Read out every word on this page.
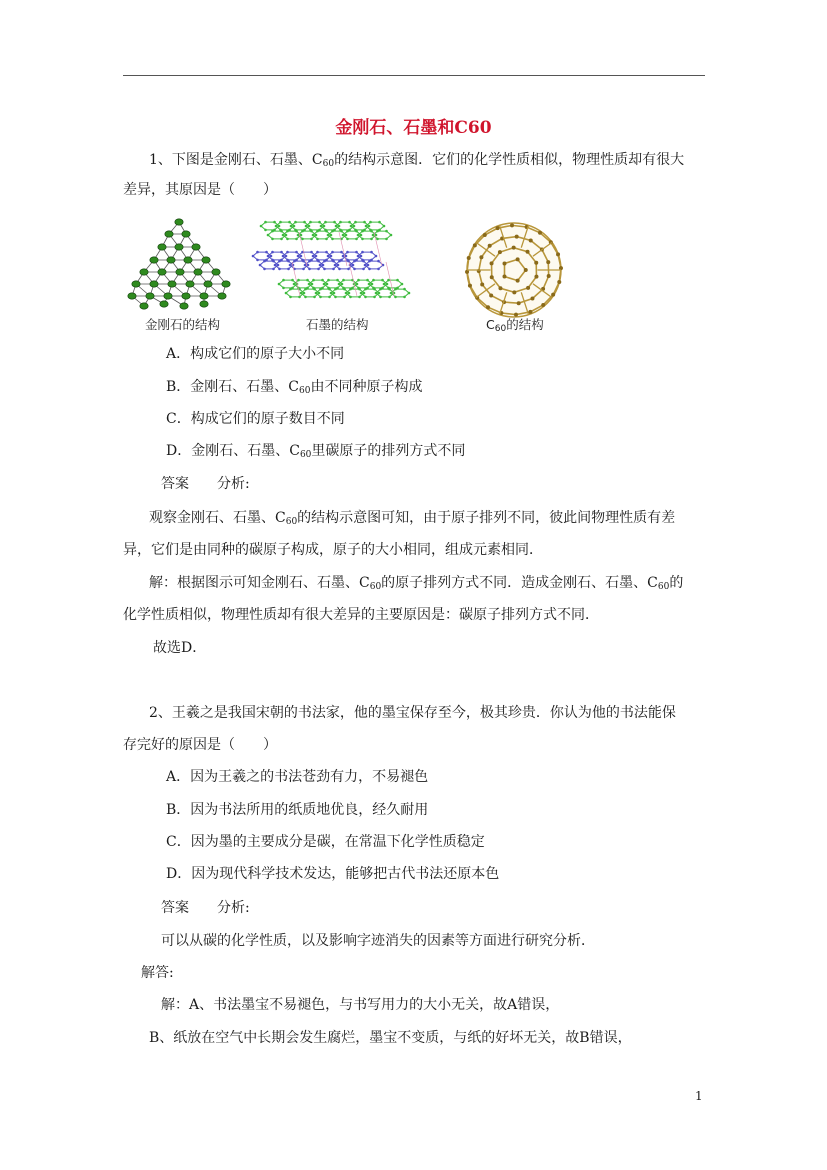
金刚石、石墨和C60
1、下图是金刚石、石墨、$C_{60}$的结构示意图．它们的化学性质相似，物理性质却有很大
差异，其原因是（　　）
金刚石的结构	石墨的结构	$C_{60}$的结构
A．构成它们的原子大小不同
B．金刚石、石墨、$C_{60}$由不同种原子构成
C．构成它们的原子数目不同
D．金刚石、石墨、$C_{60}$里碳原子的排列方式不同
答案　　分析:
观察金刚石、石墨、$C_{60}$的结构示意图可知，由于原子排列不同，彼此间物理性质有差
异，它们是由同种的碳原子构成，原子的大小相同，组成元素相同．
解：根据图示可知金刚石、石墨、$C_{60}$的原子排列方式不同．造成金刚石、石墨、$C_{60}$的
化学性质相似，物理性质却有很大差异的主要原因是：碳原子排列方式不同．
故选D．
2、王羲之是我国宋朝的书法家，他的墨宝保存至今，极其珍贵．你认为他的书法能保
存完好的原因是（　　）
A．因为王羲之的书法苍劲有力，不易褪色
B．因为书法所用的纸质地优良，经久耐用
C．因为墨的主要成分是碳，在常温下化学性质稳定
D．因为现代科学技术发达，能够把古代书法还原本色
答案　　分析:
可以从碳的化学性质，以及影响字迹消失的因素等方面进行研究分析．
解答:
解：A、书法墨宝不易褪色，与书写用力的大小无关，故A错误，
B、纸放在空气中长期会发生腐烂，墨宝不变质，与纸的好坏无关，故B错误，
1
